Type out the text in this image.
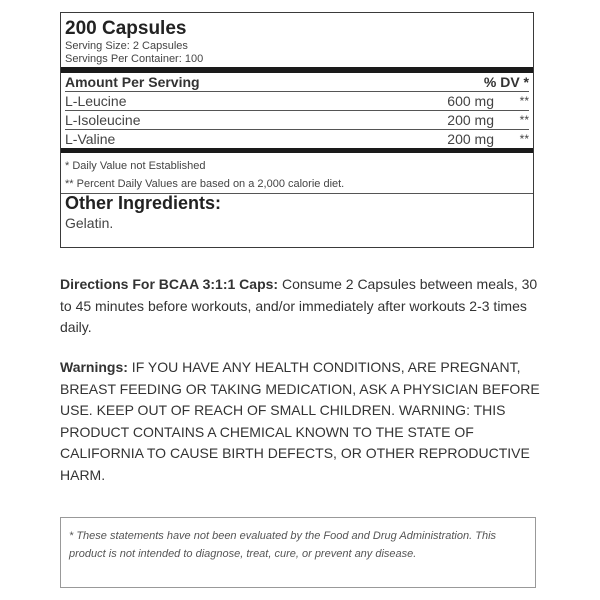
200 Capsules
Serving Size: 2 Capsules
Servings Per Container: 100
Amount Per Serving	% DV *
L-Leucine	600 mg	**
L-Isoleucine	200 mg	**
L-Valine	200 mg	**
* Daily Value not Established
** Percent Daily Values are based on a 2,000 calorie diet.
Other Ingredients:
Gelatin.
Directions For BCAA 3:1:1 Caps: Consume 2 Capsules between meals, 30 to 45 minutes before workouts, and/or immediately after workouts 2-3 times daily.
Warnings: IF YOU HAVE ANY HEALTH CONDITIONS, ARE PREGNANT, BREAST FEEDING OR TAKING MEDICATION, ASK A PHYSICIAN BEFORE USE. KEEP OUT OF REACH OF SMALL CHILDREN. WARNING: THIS PRODUCT CONTAINS A CHEMICAL KNOWN TO THE STATE OF CALIFORNIA TO CAUSE BIRTH DEFECTS, OR OTHER REPRODUCTIVE HARM.
* These statements have not been evaluated by the Food and Drug Administration. This product is not intended to diagnose, treat, cure, or prevent any disease.
